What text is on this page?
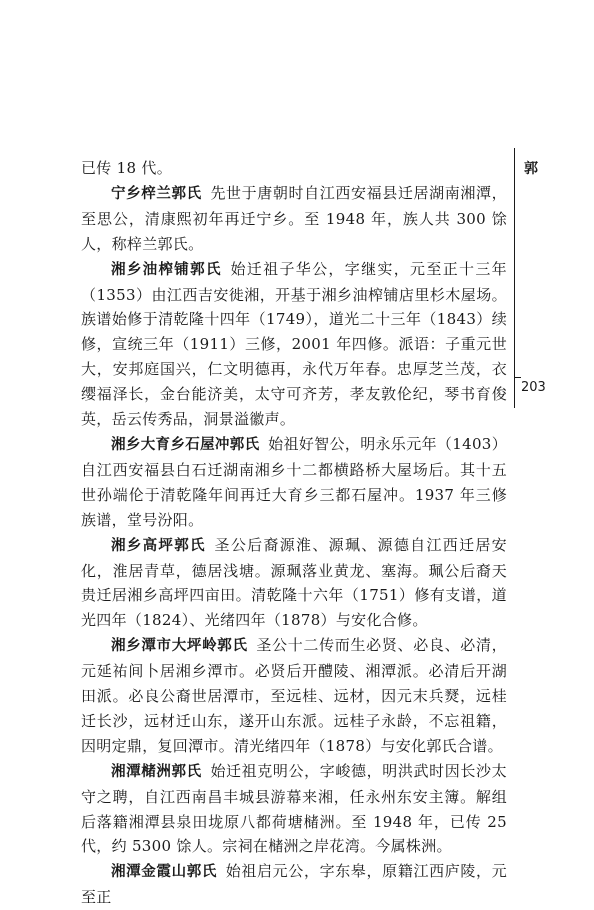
已传 18 代。

宁乡梓兰郭氏 先世于唐朝时自江西安福县迁居湖南湘潭，至思公，清康熙初年再迁宁乡。至 1948 年，族人共 300 馀人，称梓兰郭氏。

湘乡油榨铺郭氏 始迁祖子华公，字继实，元至正十三年（1353）由江西吉安徙湘，开基于湘乡油榨铺店里杉木屋场。族谱始修于清乾隆十四年（1749），道光二十三年（1843）续修，宣统三年（1911）三修，2001 年四修。派语：子重元世大，安邦庭国兴，仁文明德再，永代万年春。忠厚芝兰茂，衣缨福泽长，金台能济美，太守可齐芳，孝友敦伦纪，琴书育俊英，岳云传秀品，洞景溢徽声。

湘乡大育乡石屋冲郭氏 始祖好智公，明永乐元年（1403）自江西安福县白石迁湖南湘乡十二都横路桥大屋场后。其十五世孙端伦于清乾隆年间再迁大育乡三都石屋冲。1937 年三修族谱，堂号汾阳。

湘乡高坪郭氏 圣公后裔源淮、源珮、源德自江西迁居安化，淮居青草，德居浅塘。源珮落业黄龙、塞海。珮公后裔天贵迁居湘乡高坪四亩田。清乾隆十六年（1751）修有支谱，道光四年（1824）、光绪四年（1878）与安化合修。

湘乡潭市大坪岭郭氏 圣公十二传而生必贤、必良、必清，元延祐间卜居湘乡潭市。必贤后开醴陵、湘潭派。必清后开湖田派。必良公裔世居潭市，至远桂、远材，因元末兵燹，远桂迁长沙，远材迁山东，遂开山东派。远桂子永龄，不忘祖籍，因明定鼎，复回潭市。清光绪四年（1878）与安化郭氏合谱。

湘潭槠洲郭氏 始迁祖克明公，字峻德，明洪武时因长沙太守之聘，自江西南昌丰城县游幕来湘，任永州东安主簿。解组后落籍湘潭县泉田垅原八都荷塘槠洲。至 1948 年，已传 25 代，约 5300 馀人。宗祠在槠洲之岸花湾。今属株洲。

湘潭金霞山郭氏 始祖启元公，字东皋，原籍江西庐陵，元至正

郭
203
